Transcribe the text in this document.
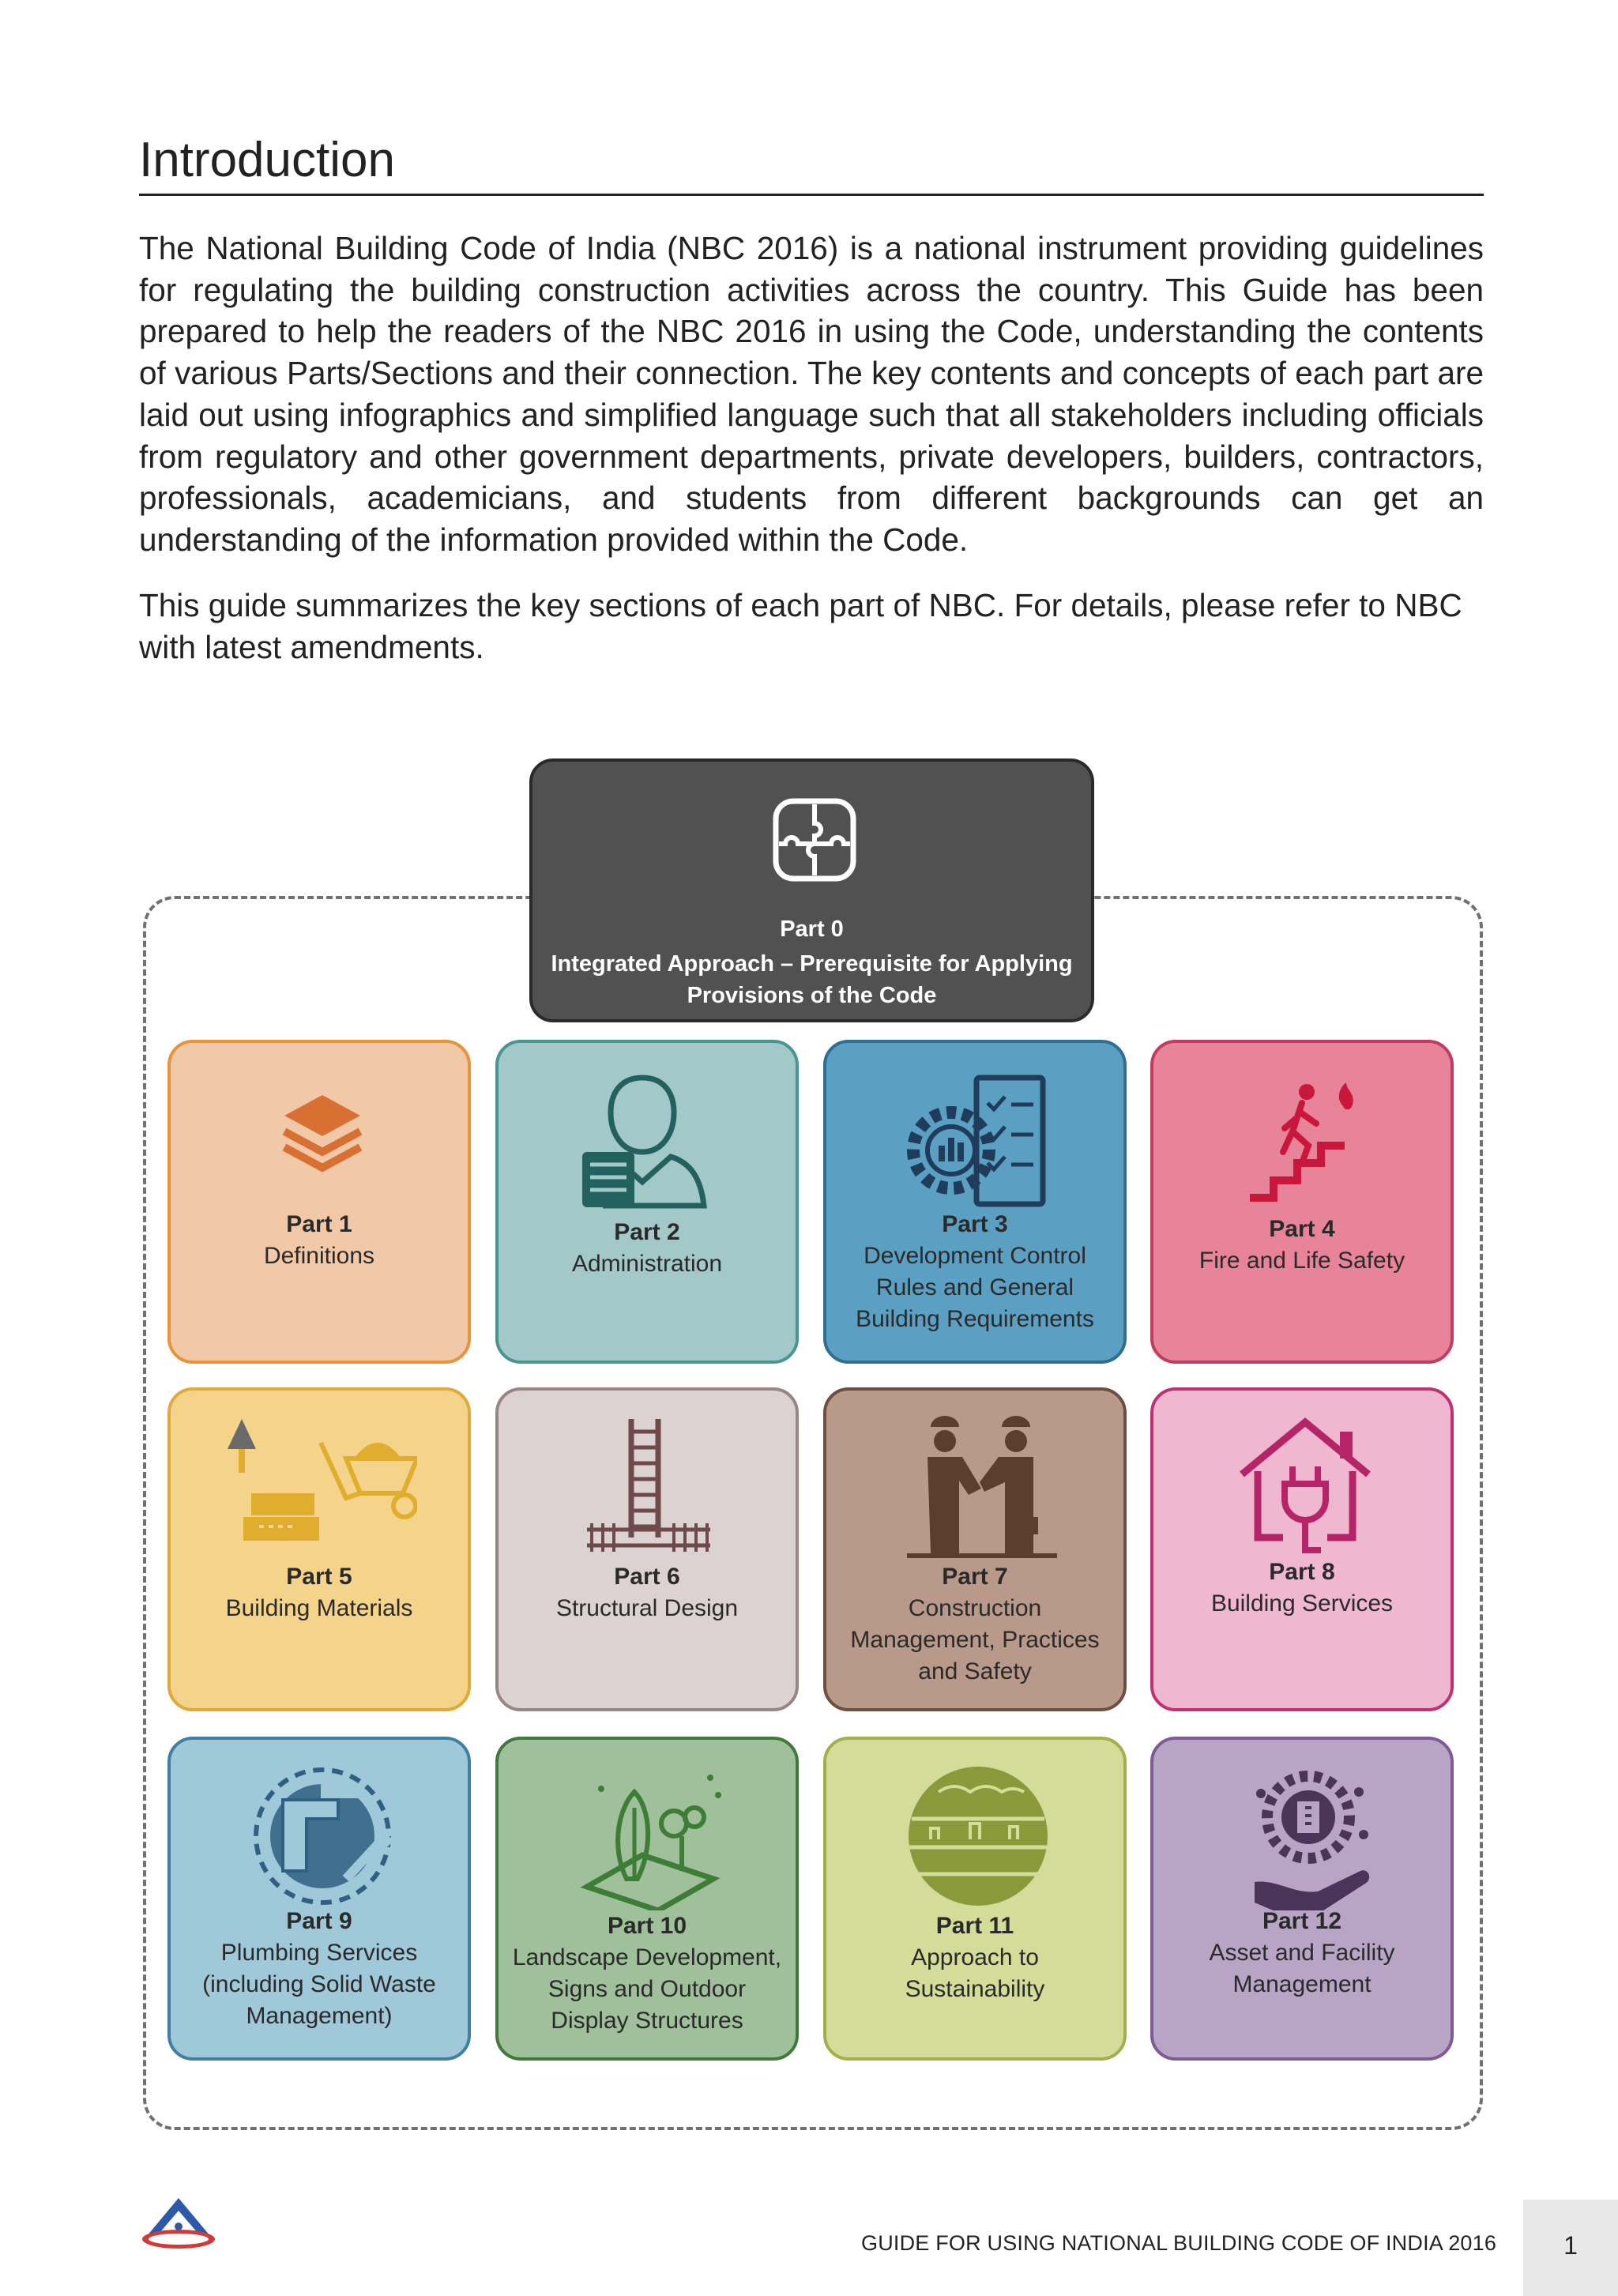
Introduction

The National Building Code of India (NBC 2016) is a national instrument providing guidelines for regulating the building construction activities across the country. This Guide has been prepared to help the readers of the NBC 2016 in using the Code, understanding the contents of various Parts/Sections and their connection. The key contents and concepts of each part are laid out using infographics and simplified language such that all stakeholders including officials from regulatory and other government departments, private developers, builders, contractors, professionals, academicians, and students from different backgrounds can get an understanding of the information provided within the Code.

This guide summarizes the key sections of each part of NBC. For details, please refer to NBC with latest amendments.

Part 0
Integrated Approach – Prerequisite for Applying Provisions of the Code
Part 1
Definitions
Part 2
Administration
Part 3
Development Control
Rules and General
Building Requirements
Part 4
Fire and Life Safety
Part 5
Building Materials
Part 6
Structural Design
Part 7
Construction
Management, Practices
and Safety
Part 8
Building Services
Part 9
Plumbing Services
(including Solid Waste
Management)
Part 10
Landscape Development,
Signs and Outdoor
Display Structures
Part 11
Approach to
Sustainability
Part 12
Asset and Facility
Management
GUIDE FOR USING NATIONAL BUILDING CODE OF INDIA 2016	1
